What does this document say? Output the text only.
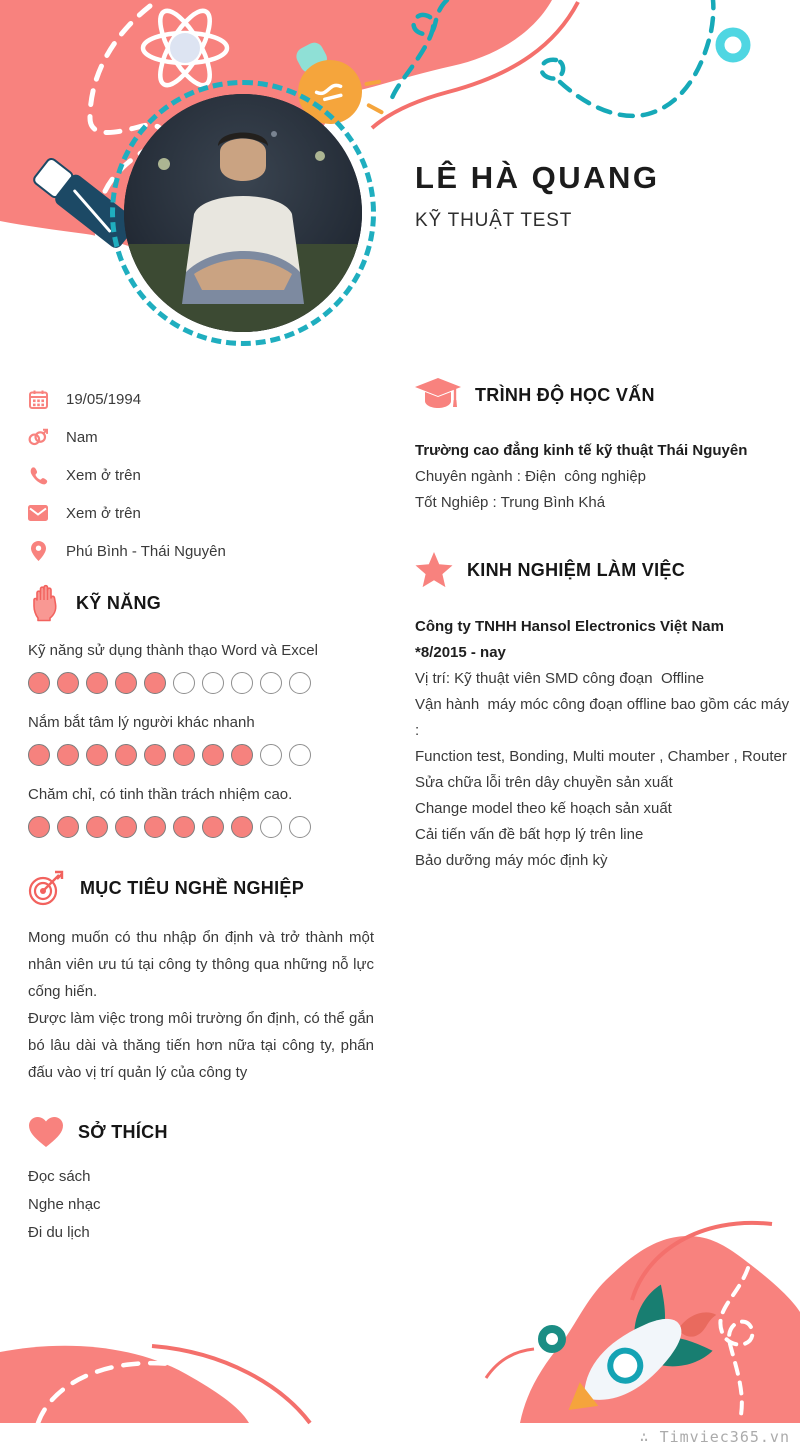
LÊ HÀ QUANG
KỸ THUẬT TEST
19/05/1994
Nam
Xem ở trên
Xem ở trên
Phú Bình - Thái Nguyên
KỸ NĂNG
Kỹ năng sử dụng thành thạo Word và Excel
Nắm bắt tâm lý người khác nhanh
Chăm chỉ, có tinh thần trách nhiệm cao.
MỤC TIÊU NGHỀ NGHIỆP

Mong muốn có thu nhập ổn định và trở thành một nhân viên ưu tú tại công ty thông qua những nỗ lực cống hiến.

Được làm việc trong môi trường ổn định, có thể gắn bó lâu dài và thăng tiến hơn nữa tại công ty, phấn đấu vào vị trí quản lý của công ty

SỞ THÍCH
Đọc sách
Nghe nhạc
Đi du lịch
TRÌNH ĐỘ HỌC VẤN
Trường cao đẳng kinh tế kỹ thuật Thái Nguyên
Chuyên ngành : Điện  công nghiệp
Tốt Nghiêp : Trung Bình Khá
KINH NGHIỆM LÀM VIỆC
Công ty TNHH Hansol Electronics Việt Nam
*8/2015 - nay
Vị trí: Kỹ thuật viên SMD công đoạn  Offline
Vận hành  máy móc công đoạn offline bao gồm các máy :
Function test, Bonding, Multi mouter , Chamber , Router
Sửa chữa lỗi trên dây chuyền sản xuất
Change model theo kế hoạch sản xuất
Cải tiến vấn đề bất hợp lý trên line
Bảo dưỡng máy móc định kỳ
∴ Timviec365.vn
